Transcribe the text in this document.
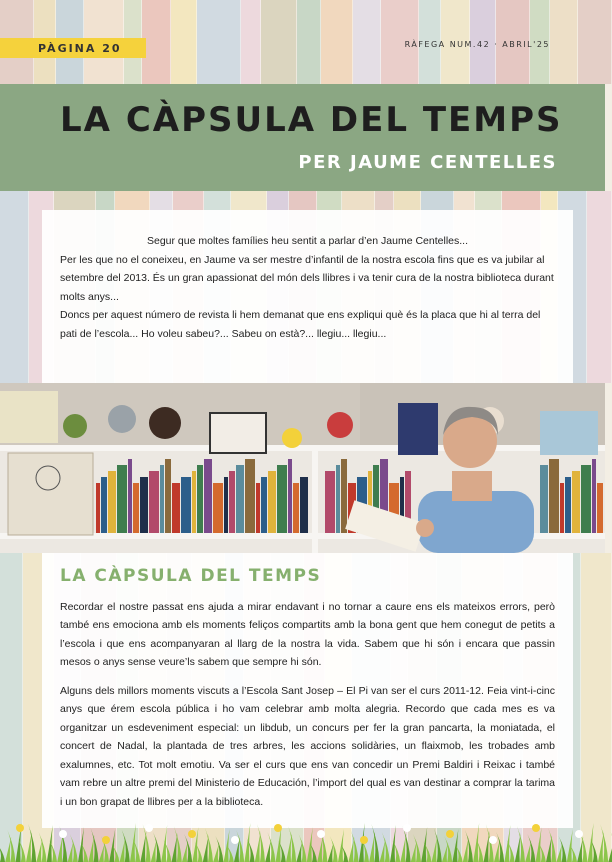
PÀGINA 20	RÀFEGA NUM.42 · ABRIL'25
LA CÀPSULA DEL TEMPS
PER JAUME CENTELLES

Segur que moltes famílies heu sentit a parlar d’en Jaume Centelles...

Per les que no el coneixeu, en Jaume va ser mestre d’infantil de la nostra escola fins que es va jubilar al setembre del 2013. És un gran apassionat del món dels llibres i va tenir cura de la nostra biblioteca durant molts anys...

Doncs per aquest número de revista li hem demanat que ens expliqui què és la placa que hi al terra del pati de l’escola... Ho voleu sabeu?... Sabeu on està?... llegiu... llegiu...

LA CÀPSULA DEL TEMPS

Recordar el nostre passat ens ajuda a mirar endavant i no tornar a caure ens els mateixos errors, però també ens emociona amb els moments feliços compartits amb la bona gent que hem conegut de petits a l’escola i que ens acompanyaran al llarg de la nostra la vida. Sabem que hi són i encara que passin mesos o anys sense veure’ls sabem que sempre hi són.

Alguns dels millors moments viscuts a l’Escola Sant Josep – El Pi van ser el curs 2011-12. Feia vint-i-cinc anys que érem escola pública i ho vam celebrar amb molta alegria. Recordo que cada mes es va organitzar un esdeveniment especial: un libdub, un concurs per fer la gran pancarta, la moniatada, el concert de Nadal, la plantada de tres arbres, les accions solidàries, un flaixmob, les trobades amb exalumnes, etc. Tot molt emotiu. Va ser el curs que ens van concedir un Premi Baldiri i Reixac i també vam rebre un altre premi del Ministerio de Educación, l’import del qual es van destinar a comprar la tarima i un bon grapat de llibres per a la biblioteca.
